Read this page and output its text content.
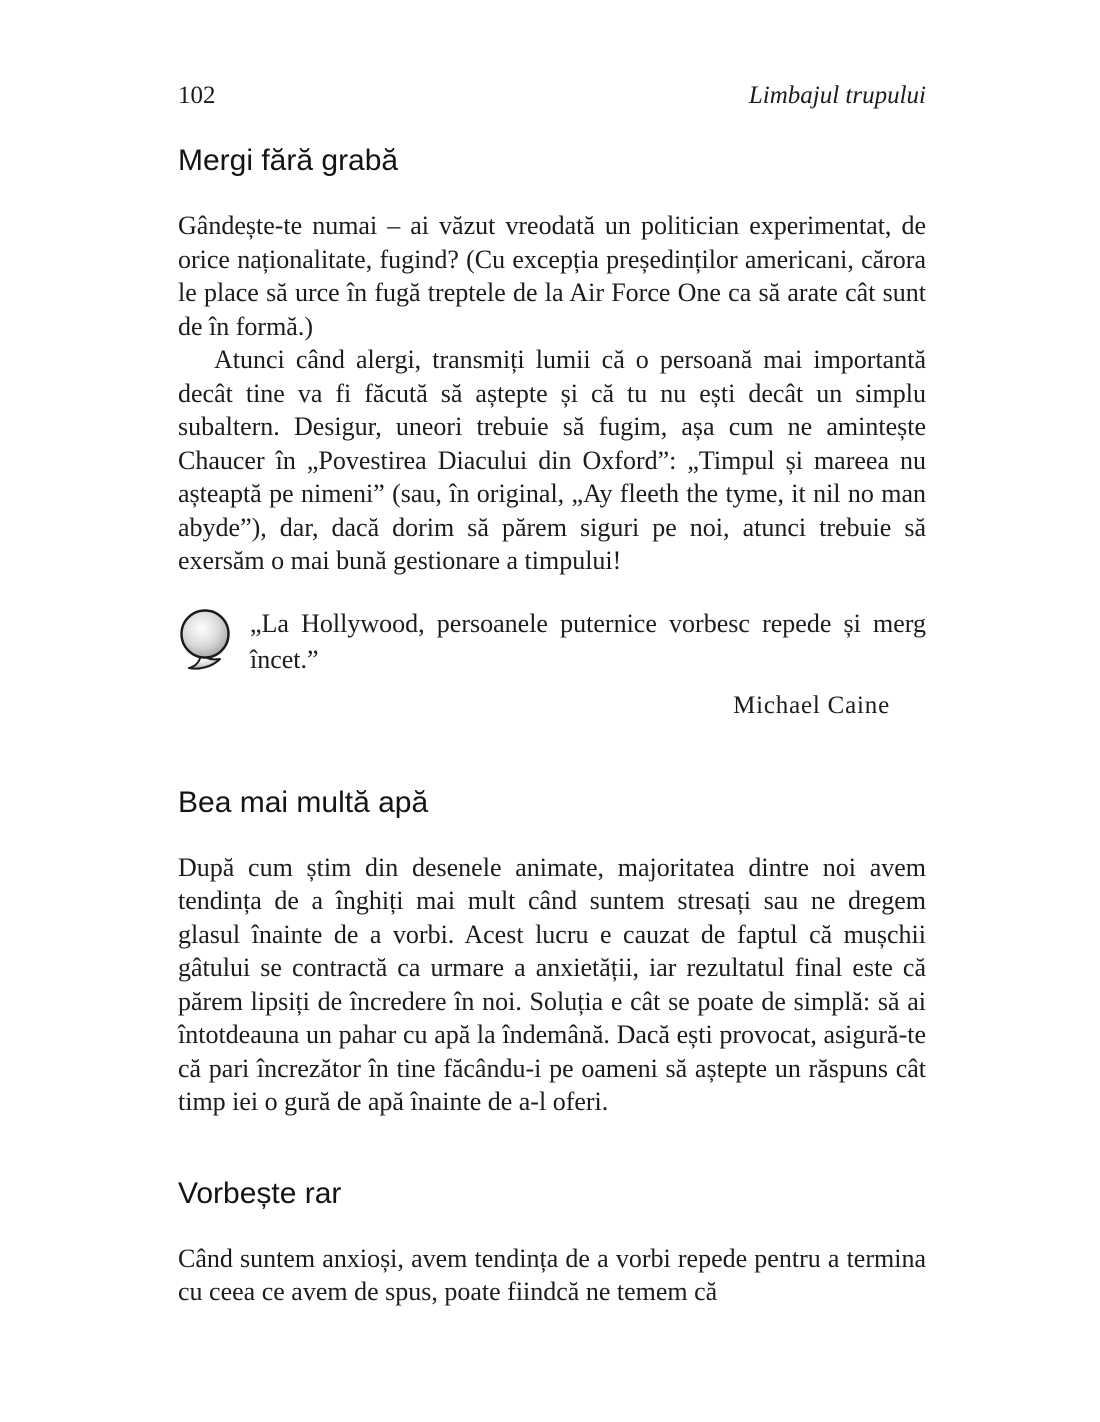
102	Limbajul trupului
Mergi fără grabă

Gândește-te numai – ai văzut vreodată un politician experimentat, de orice naționalitate, fugind? (Cu excepția președinților americani, cărora le place să urce în fugă treptele de la Air Force One ca să arate cât sunt de în formă.)

Atunci când alergi, transmiți lumii că o persoană mai importantă decât tine va fi făcută să aștepte și că tu nu ești decât un simplu subaltern. Desigur, uneori trebuie să fugim, așa cum ne amintește Chaucer în „Povestirea Diacului din Oxford”: „Timpul și mareea nu așteaptă pe nimeni” (sau, în original, „Ay fleeth the tyme, it nil no man abyde”), dar, dacă dorim să părem siguri pe noi, atunci trebuie să exersăm o mai bună gestionare a timpului!

„La Hollywood, persoanele puternice vorbesc repede și merg încet.”
Michael Caine
Bea mai multă apă

După cum știm din desenele animate, majoritatea dintre noi avem tendința de a înghiți mai mult când suntem stresați sau ne dregem glasul înainte de a vorbi. Acest lucru e cauzat de faptul că mușchii gâtului se contractă ca urmare a anxietății, iar rezultatul final este că părem lipsiți de încredere în noi. Soluția e cât se poate de simplă: să ai întotdeauna un pahar cu apă la îndemână. Dacă ești provocat, asigură-te că pari încrezător în tine făcându-i pe oameni să aștepte un răspuns cât timp iei o gură de apă înainte de a-l oferi.

Vorbește rar

Când suntem anxioși, avem tendința de a vorbi repede pentru a termina cu ceea ce avem de spus, poate fiindcă ne temem că
